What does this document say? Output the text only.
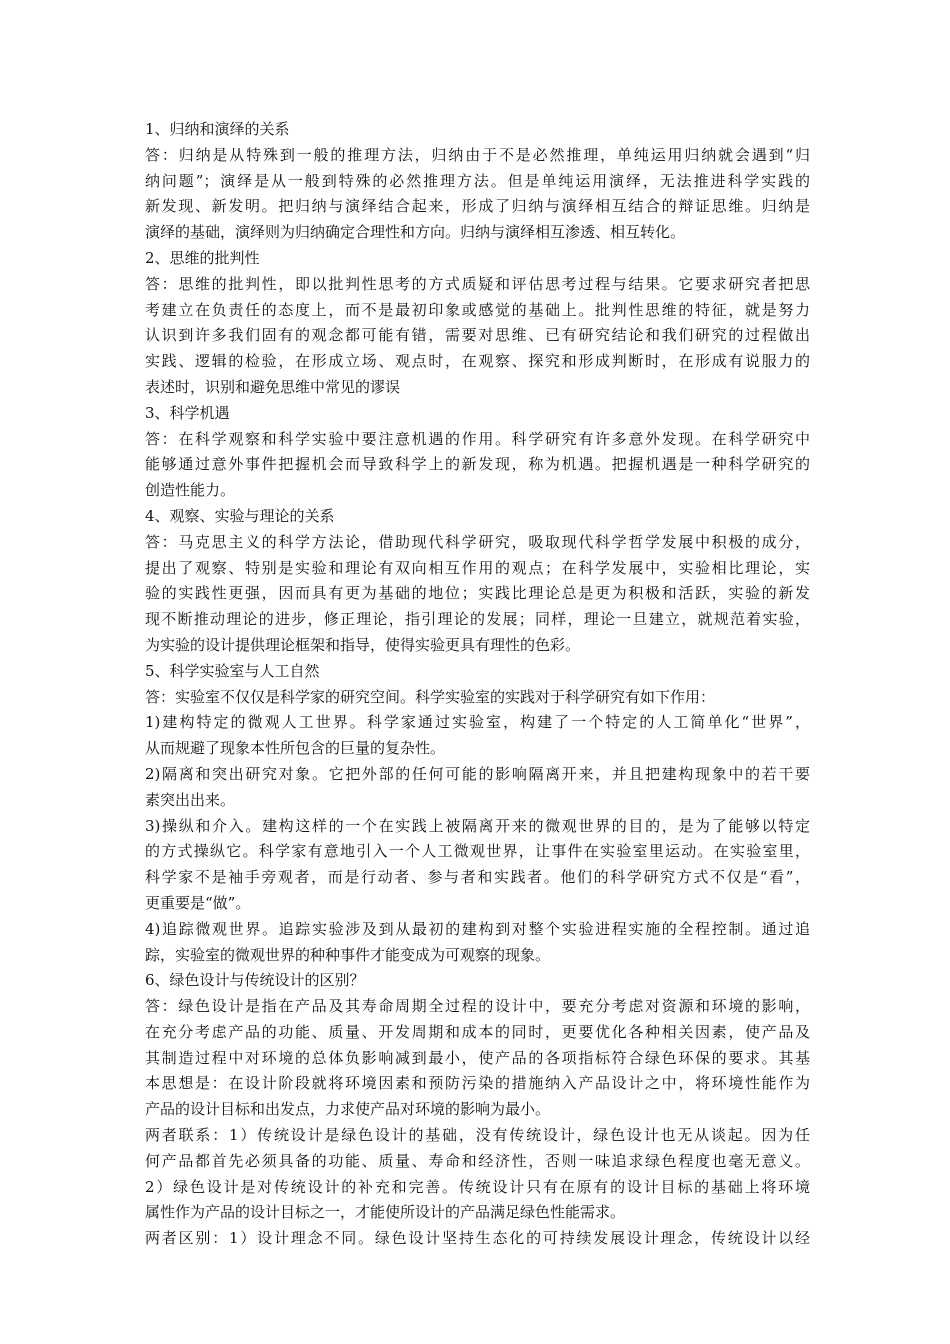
1、归纳和演绎的关系
答：归纳是从特殊到一般的推理方法，归纳由于不是必然推理，单纯运用归纳就会遇到“归
纳问题”；演绎是从一般到特殊的必然推理方法。但是单纯运用演绎，无法推进科学实践的
新发现、新发明。把归纳与演绎结合起来，形成了归纳与演绎相互结合的辩证思维。归纳是
演绎的基础，演绎则为归纳确定合理性和方向。归纳与演绎相互渗透、相互转化。
2、思维的批判性
答：思维的批判性，即以批判性思考的方式质疑和评估思考过程与结果。它要求研究者把思
考建立在负责任的态度上，而不是最初印象或感觉的基础上。批判性思维的特征，就是努力
认识到许多我们固有的观念都可能有错，需要对思维、已有研究结论和我们研究的过程做出
实践、逻辑的检验，在形成立场、观点时，在观察、探究和形成判断时，在形成有说服力的
表述时，识别和避免思维中常见的谬误
3、科学机遇
答：在科学观察和科学实验中要注意机遇的作用。科学研究有许多意外发现。在科学研究中
能够通过意外事件把握机会而导致科学上的新发现，称为机遇。把握机遇是一种科学研究的
创造性能力。
4、观察、实验与理论的关系
答：马克思主义的科学方法论，借助现代科学研究，吸取现代科学哲学发展中积极的成分，
提出了观察、特别是实验和理论有双向相互作用的观点；在科学发展中，实验相比理论，实
验的实践性更强，因而具有更为基础的地位；实践比理论总是更为积极和活跃，实验的新发
现不断推动理论的进步，修正理论，指引理论的发展；同样，理论一旦建立，就规范着实验，
为实验的设计提供理论框架和指导，使得实验更具有理性的色彩。
5、科学实验室与人工自然
答：实验室不仅仅是科学家的研究空间。科学实验室的实践对于科学研究有如下作用：
1)建构特定的微观人工世界。科学家通过实验室，构建了一个特定的人工简单化“世界”，
从而规避了现象本性所包含的巨量的复杂性。
2)隔离和突出研究对象。它把外部的任何可能的影响隔离开来，并且把建构现象中的若干要
素突出出来。
3)操纵和介入。建构这样的一个在实践上被隔离开来的微观世界的目的，是为了能够以特定
的方式操纵它。科学家有意地引入一个人工微观世界，让事件在实验室里运动。在实验室里，
科学家不是袖手旁观者，而是行动者、参与者和实践者。他们的科学研究方式不仅是“看”，
更重要是“做”。
4)追踪微观世界。追踪实验涉及到从最初的建构到对整个实验进程实施的全程控制。通过追
踪，实验室的微观世界的种种事件才能变成为可观察的现象。
6、绿色设计与传统设计的区别？
答：绿色设计是指在产品及其寿命周期全过程的设计中，要充分考虑对资源和环境的影响，
在充分考虑产品的功能、质量、开发周期和成本的同时，更要优化各种相关因素，使产品及
其制造过程中对环境的总体负影响减到最小，使产品的各项指标符合绿色环保的要求。其基
本思想是：在设计阶段就将环境因素和预防污染的措施纳入产品设计之中，将环境性能作为
产品的设计目标和出发点，力求使产品对环境的影响为最小。
两者联系：1）传统设计是绿色设计的基础，没有传统设计，绿色设计也无从谈起。因为任
何产品都首先必须具备的功能、质量、寿命和经济性，否则一味追求绿色程度也毫无意义。
2）绿色设计是对传统设计的补充和完善。传统设计只有在原有的设计目标的基础上将环境
属性作为产品的设计目标之一，才能使所设计的产品满足绿色性能需求。
两者区别：1）设计理念不同。绿色设计坚持生态化的可持续发展设计理念，传统设计以经
